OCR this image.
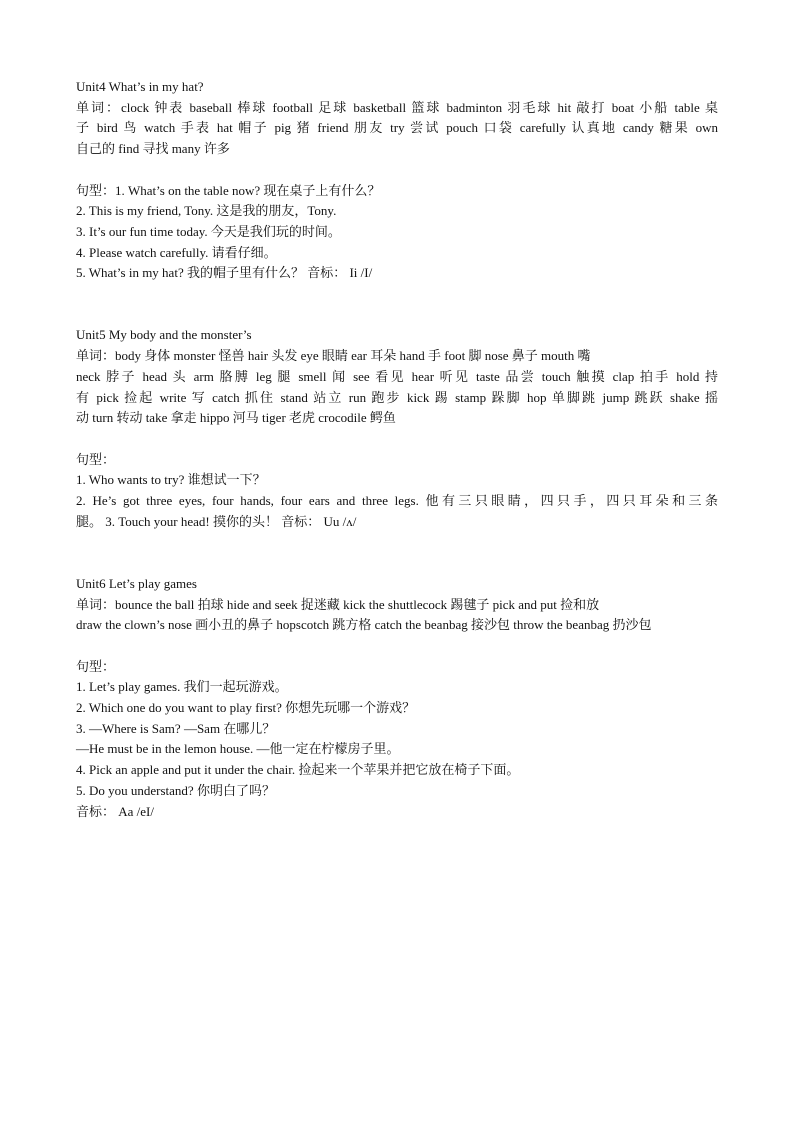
Unit4 What’s in my hat?
单词：clock 钟表 baseball 棒球 football 足球 basketball 篮球 badminton 羽毛球 hit 敲打 boat 小船 table 桌
子 bird 鸟 watch 手表 hat 帽子 pig 猪 friend 朋友 try 尝试 pouch 口袋 carefully 认真地 candy 糖果 own
自己的 find 寻找 many 许多
句型：1. What’s on the table now? 现在桌子上有什么？
2. This is my friend, Tony. 这是我的朋友，Tony.
3. It’s our fun time today. 今天是我们玩的时间。
4. Please watch carefully. 请看仔细。
5. What’s in my hat? 我的帽子里有什么？ 音标： Ii /I/
Unit5 My body and the monster’s
单词：body 身体 monster 怪兽 hair 头发 eye 眼睛 ear 耳朵 hand 手 foot 脚 nose 鼻子 mouth 嘴
neck 脖子 head 头 arm 胳膊 leg 腿 smell 闻 see 看见 hear 听见 taste 品尝 touch 触摸 clap 拍手 hold 持
有 pick 捡起 write 写 catch 抓住 stand 站立 run 跑步 kick 踢 stamp 跺脚 hop 单脚跳 jump 跳跃 shake 摇
动 turn 转动 take 拿走 hippo 河马 tiger 老虎 crocodile 鳄鱼
句型：
1. Who wants to try? 谁想试一下？
2. He’s got three eyes, four hands, four ears and three legs. 他有三只眼睛，四只手，四只耳朵和三条
腿。 3. Touch your head! 摸你的头！ 音标： Uu /ʌ/
Unit6 Let’s play games
单词：bounce the ball 拍球 hide and seek 捉迷藏 kick the shuttlecock 踢毽子 pick and put 捡和放
draw the clown’s nose 画小丑的鼻子 hopscotch 跳方格 catch the beanbag 接沙包 throw the beanbag 扔沙包
句型：
1. Let’s play games. 我们一起玩游戏。
2. Which one do you want to play first? 你想先玩哪一个游戏？
3. —Where is Sam? —Sam 在哪儿？
—He must be in the lemon house. —他一定在柠檬房子里。
4. Pick an apple and put it under the chair. 捡起来一个苹果并把它放在椅子下面。
5. Do you understand? 你明白了吗？
音标： Aa /eI/
